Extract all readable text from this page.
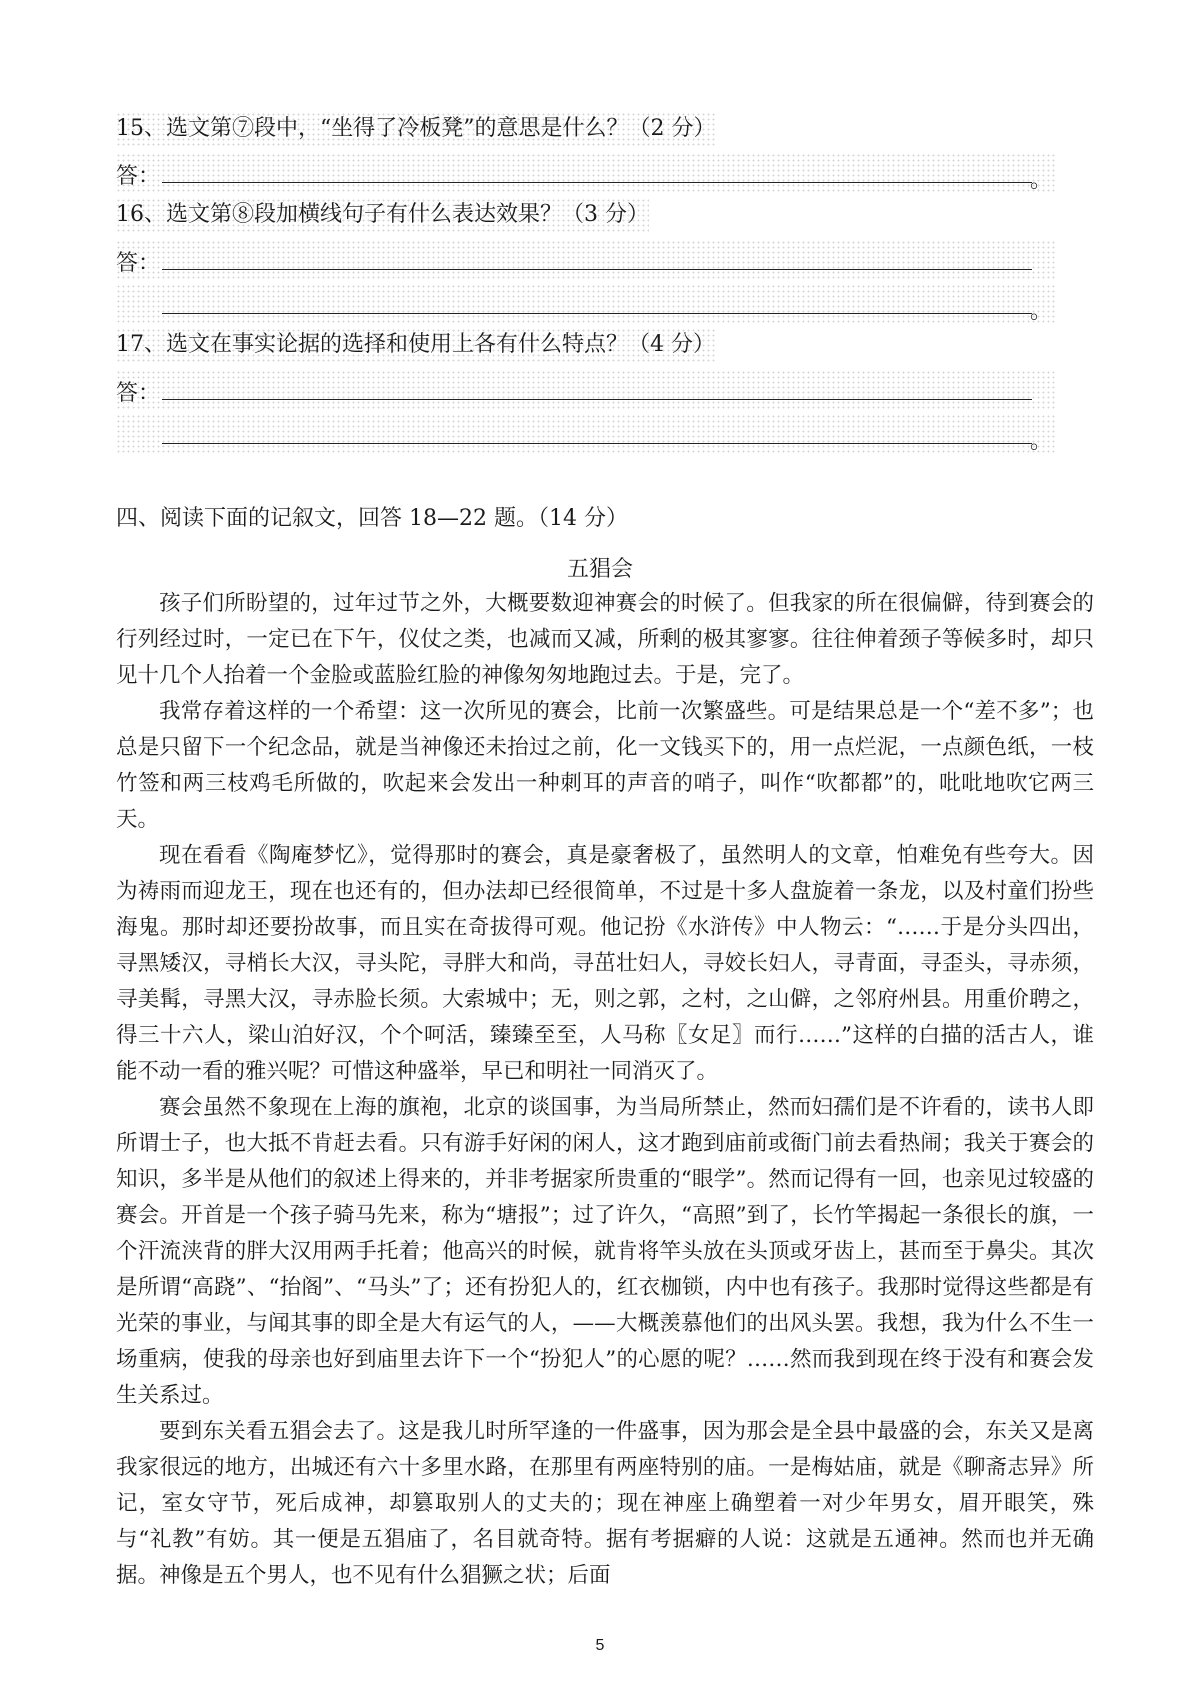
15、选文第⑦段中，“坐得了冷板凳”的意思是什么？（2 分）
答：	。
16、选文第⑧段加横线句子有什么表达效果？（3 分）
答：
。
17、选文在事实论据的选择和使用上各有什么特点？（4 分）
答：
。
四、阅读下面的记叙文，回答 18—22 题。（14 分）
五猖会

孩子们所盼望的，过年过节之外，大概要数迎神赛会的时候了。但我家的所在很偏僻，待到赛会的行列经过时，一定已在下午，仪仗之类，也减而又减，所剩的极其寥寥。往往伸着颈子等候多时，却只见十几个人抬着一个金脸或蓝脸红脸的神像匆匆地跑过去。于是，完了。

我常存着这样的一个希望：这一次所见的赛会，比前一次繁盛些。可是结果总是一个“差不多”；也总是只留下一个纪念品，就是当神像还未抬过之前，化一文钱买下的，用一点烂泥，一点颜色纸，一枝竹签和两三枝鸡毛所做的，吹起来会发出一种刺耳的声音的哨子，叫作“吹都都”的，吡吡地吹它两三天。

现在看看《陶庵梦忆》，觉得那时的赛会，真是豪奢极了，虽然明人的文章，怕难免有些夸大。因为祷雨而迎龙王，现在也还有的，但办法却已经很简单，不过是十多人盘旋着一条龙，以及村童们扮些海鬼。那时却还要扮故事，而且实在奇拔得可观。他记扮《水浒传》中人物云：“……于是分头四出，寻黑矮汉，寻梢长大汉，寻头陀，寻胖大和尚，寻茁壮妇人，寻姣长妇人，寻青面，寻歪头，寻赤须，寻美髯，寻黑大汉，寻赤脸长须。大索城中；无，则之郭，之村，之山僻，之邻府州县。用重价聘之，得三十六人，梁山泊好汉，个个呵活，臻臻至至，人马称〖女足〗而行……”这样的白描的活古人，谁能不动一看的雅兴呢？可惜这种盛举，早已和明社一同消灭了。

赛会虽然不象现在上海的旗袍，北京的谈国事，为当局所禁止，然而妇孺们是不许看的，读书人即所谓士子，也大抵不肯赶去看。只有游手好闲的闲人，这才跑到庙前或衙门前去看热闹；我关于赛会的知识，多半是从他们的叙述上得来的，并非考据家所贵重的“眼学”。然而记得有一回，也亲见过较盛的赛会。开首是一个孩子骑马先来，称为“塘报”；过了许久，“高照”到了，长竹竿揭起一条很长的旗，一个汗流浃背的胖大汉用两手托着；他高兴的时候，就肯将竿头放在头顶或牙齿上，甚而至于鼻尖。其次是所谓“高跷”、“抬阁”、“马头”了；还有扮犯人的，红衣枷锁，内中也有孩子。我那时觉得这些都是有光荣的事业，与闻其事的即全是大有运气的人，——大概羡慕他们的出风头罢。我想，我为什么不生一场重病，使我的母亲也好到庙里去许下一个“扮犯人”的心愿的呢？……然而我到现在终于没有和赛会发生关系过。

要到东关看五猖会去了。这是我儿时所罕逢的一件盛事，因为那会是全县中最盛的会，东关又是离我家很远的地方，出城还有六十多里水路，在那里有两座特别的庙。一是梅姑庙，就是《聊斋志异》所记，室女守节，死后成神，却篡取别人的丈夫的；现在神座上确塑着一对少年男女，眉开眼笑，殊与“礼教”有妨。其一便是五猖庙了，名目就奇特。据有考据癖的人说：这就是五通神。然而也并无确据。神像是五个男人，也不见有什么猖獗之状；后面

5
